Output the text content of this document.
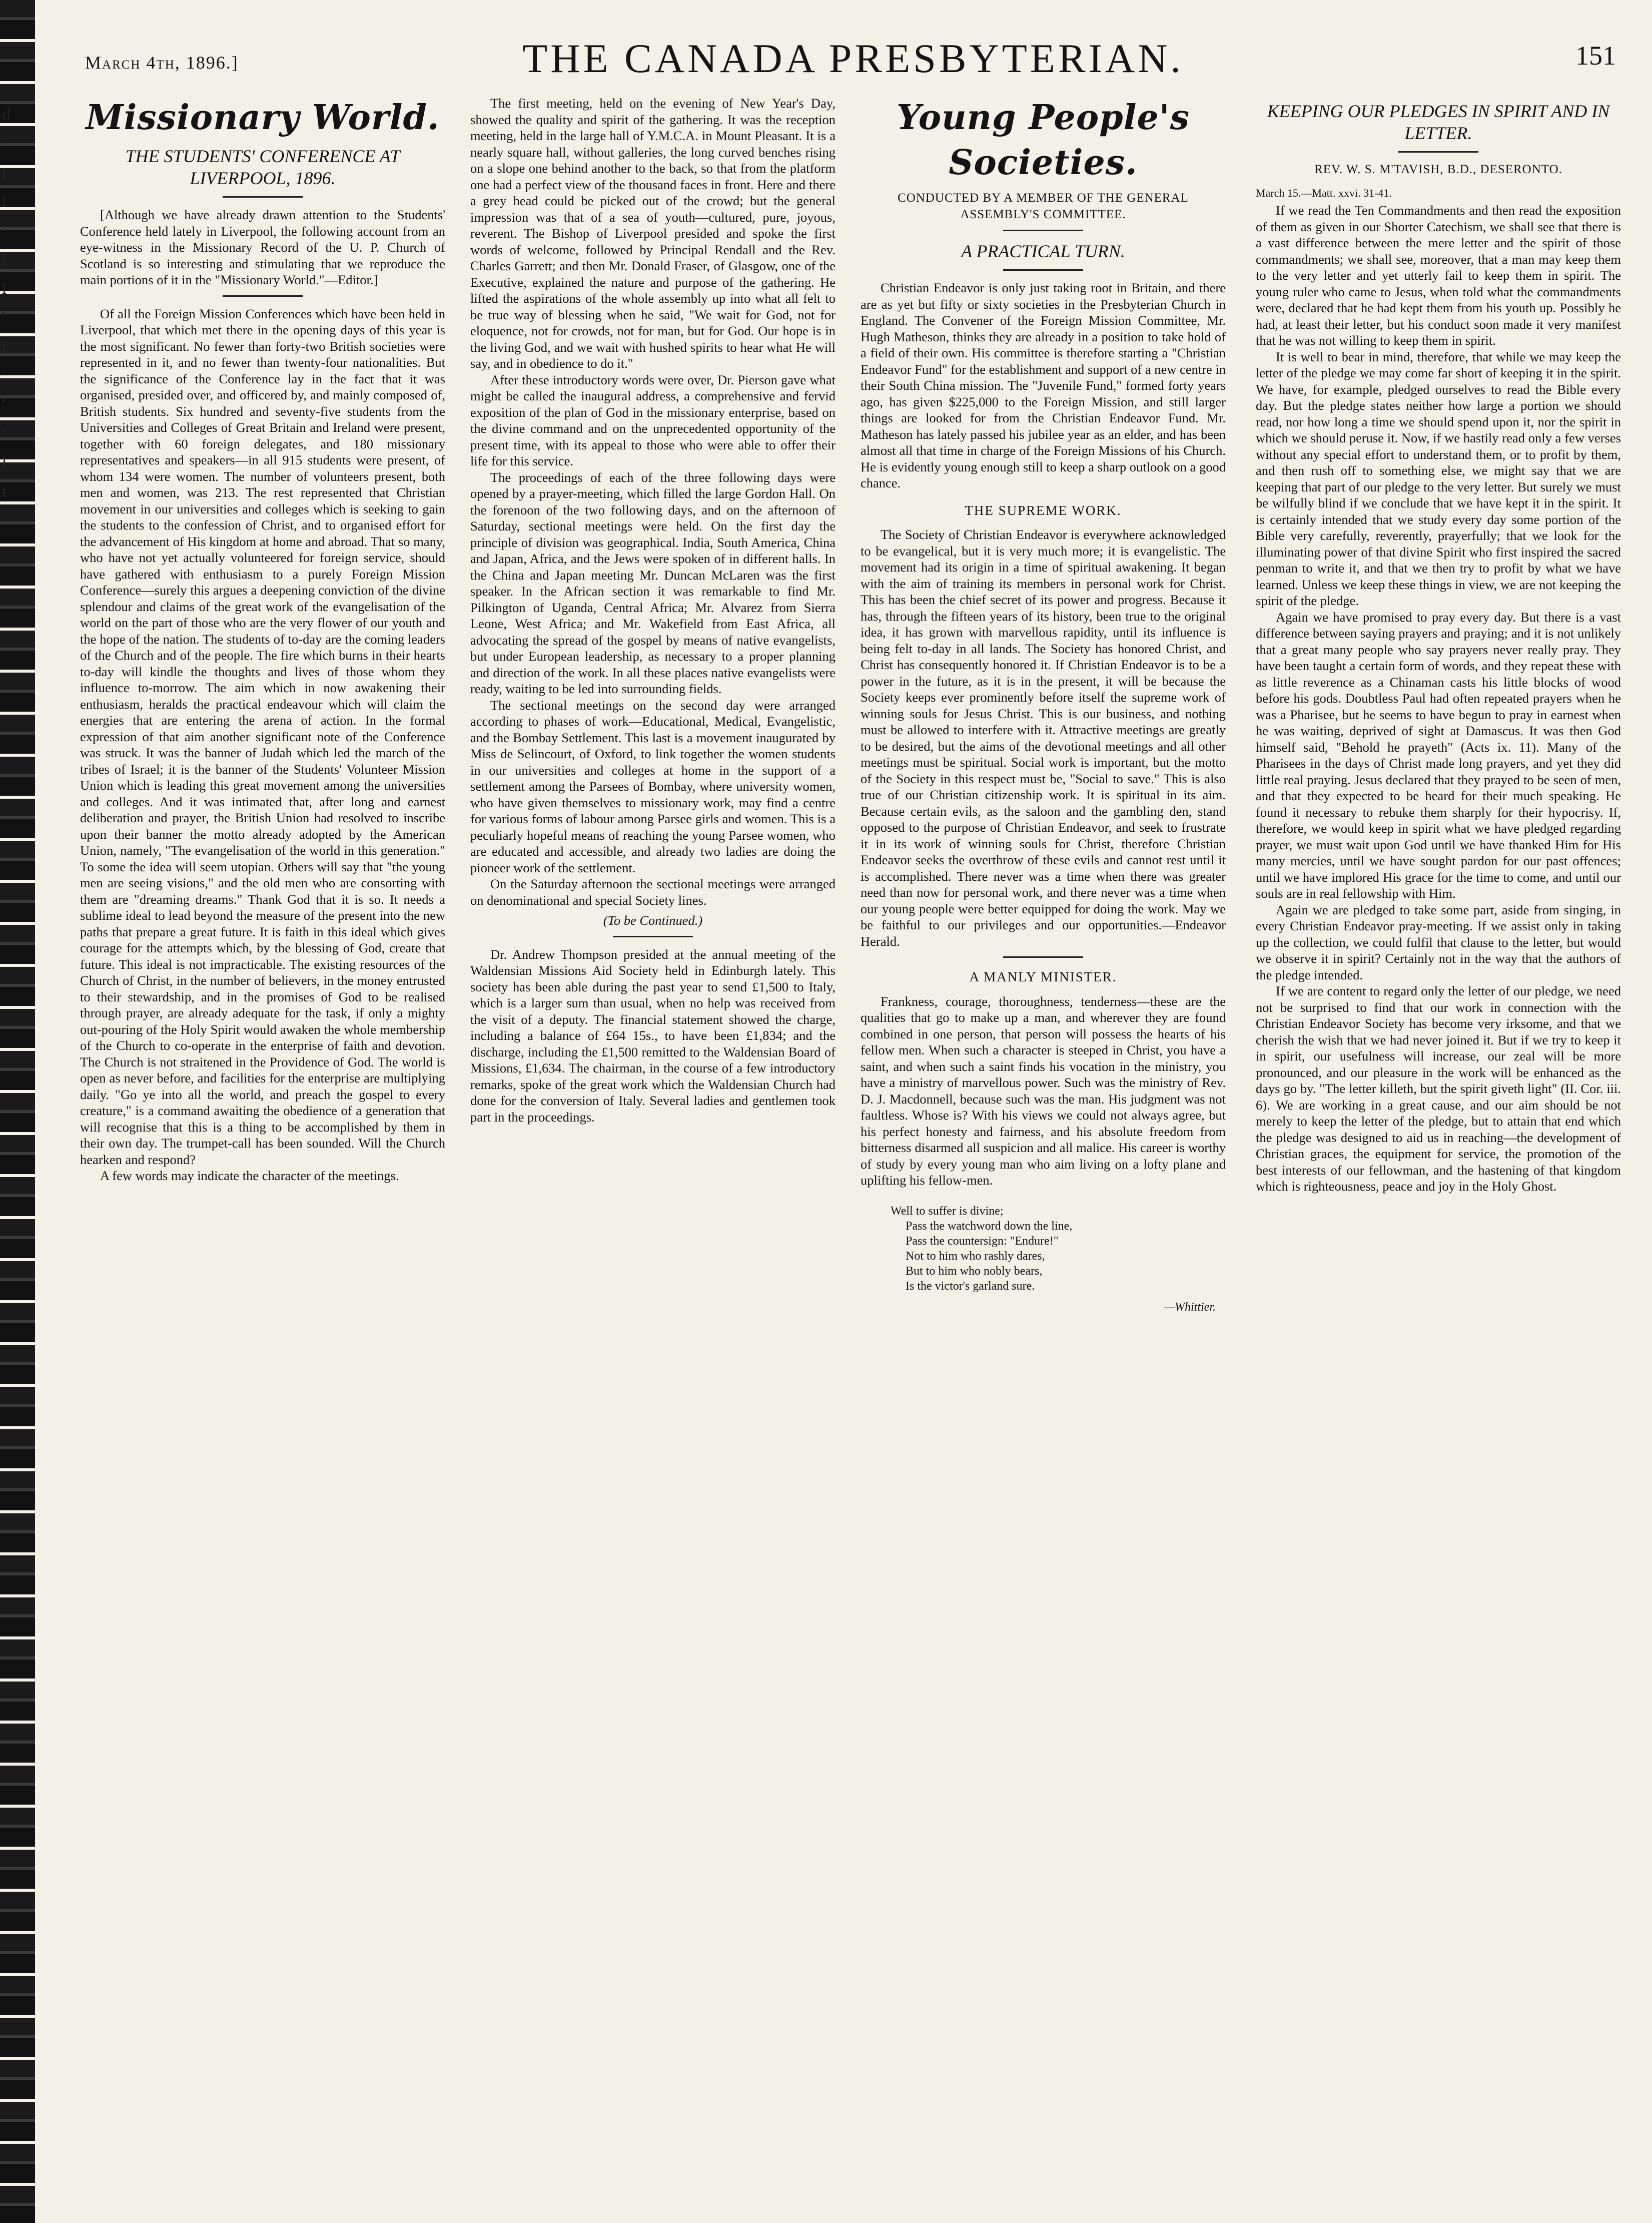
d
'
t
l
'
l
l
'
t
'
'
'
l
t
March 4th, 1896.]	THE CANADA PRESBYTERIAN.	151
Missionary World.
THE STUDENTS' CONFERENCE AT LIVERPOOL, 1896.

[Although we have already drawn attention to the Students' Conference held lately in Liverpool, the following account from an eye-witness in the Missionary Record of the U. P. Church of Scotland is so interesting and stimulating that we reproduce the main portions of it in the "Missionary World."—Editor.]

Of all the Foreign Mission Conferences which have been held in Liverpool, that which met there in the opening days of this year is the most significant. No fewer than forty-two British societies were represented in it, and no fewer than twenty-four nationalities. But the significance of the Conference lay in the fact that it was organised, presided over, and officered by, and mainly composed of, British students. Six hundred and seventy-five students from the Universities and Colleges of Great Britain and Ireland were present, together with 60 foreign delegates, and 180 missionary representatives and speakers—in all 915 students were present, of whom 134 were women. The number of volunteers present, both men and women, was 213. The rest represented that Christian movement in our universities and colleges which is seeking to gain the students to the confession of Christ, and to organised effort for the advancement of His kingdom at home and abroad. That so many, who have not yet actually volunteered for foreign service, should have gathered with enthusiasm to a purely Foreign Mission Conference—surely this argues a deepening conviction of the divine splendour and claims of the great work of the evangelisation of the world on the part of those who are the very flower of our youth and the hope of the nation. The students of to-day are the coming leaders of the Church and of the people. The fire which burns in their hearts to-day will kindle the thoughts and lives of those whom they influence to-morrow. The aim which in now awakening their enthusiasm, heralds the practical endeavour which will claim the energies that are entering the arena of action. In the formal expression of that aim another significant note of the Conference was struck. It was the banner of Judah which led the march of the tribes of Israel; it is the banner of the Students' Volunteer Mission Union which is leading this great movement among the universities and colleges. And it was intimated that, after long and earnest deliberation and prayer, the British Union had resolved to inscribe upon their banner the motto already adopted by the American Union, namely, "The evangelisation of the world in this generation." To some the idea will seem utopian. Others will say that "the young men are seeing visions," and the old men who are consorting with them are "dreaming dreams." Thank God that it is so. It needs a sublime ideal to lead beyond the measure of the present into the new paths that prepare a great future. It is faith in this ideal which gives courage for the attempts which, by the blessing of God, create that future. This ideal is not impracticable. The existing resources of the Church of Christ, in the number of believers, in the money entrusted to their stewardship, and in the promises of God to be realised through prayer, are already adequate for the task, if only a mighty out-pouring of the Holy Spirit would awaken the whole membership of the Church to co-operate in the enterprise of faith and devotion. The Church is not straitened in the Providence of God. The world is open as never before, and facilities for the enterprise are multiplying daily. "Go ye into all the world, and preach the gospel to every creature," is a command awaiting the obedience of a generation that will recognise that this is a thing to be accomplished by them in their own day. The trumpet-call has been sounded. Will the Church hearken and respond?

A few words may indicate the character of the meetings.

The first meeting, held on the evening of New Year's Day, showed the quality and spirit of the gathering. It was the reception meeting, held in the large hall of Y.M.C.A. in Mount Pleasant. It is a nearly square hall, without galleries, the long curved benches rising on a slope one behind another to the back, so that from the platform one had a perfect view of the thousand faces in front. Here and there a grey head could be picked out of the crowd; but the general impression was that of a sea of youth—cultured, pure, joyous, reverent. The Bishop of Liverpool presided and spoke the first words of welcome, followed by Principal Rendall and the Rev. Charles Garrett; and then Mr. Donald Fraser, of Glasgow, one of the Executive, explained the nature and purpose of the gathering. He lifted the aspirations of the whole assembly up into what all felt to be true way of blessing when he said, "We wait for God, not for eloquence, not for crowds, not for man, but for God. Our hope is in the living God, and we wait with hushed spirits to hear what He will say, and in obedience to do it."

After these introductory words were over, Dr. Pierson gave what might be called the inaugural address, a comprehensive and fervid exposition of the plan of God in the missionary enterprise, based on the divine command and on the unprecedented opportunity of the present time, with its appeal to those who were able to offer their life for this service.

The proceedings of each of the three following days were opened by a prayer-meeting, which filled the large Gordon Hall. On the forenoon of the two following days, and on the afternoon of Saturday, sectional meetings were held. On the first day the principle of division was geographical. India, South America, China and Japan, Africa, and the Jews were spoken of in different halls. In the China and Japan meeting Mr. Duncan McLaren was the first speaker. In the African section it was remarkable to find Mr. Pilkington of Uganda, Central Africa; Mr. Alvarez from Sierra Leone, West Africa; and Mr. Wakefield from East Africa, all advocating the spread of the gospel by means of native evangelists, but under European leadership, as necessary to a proper planning and direction of the work. In all these places native evangelists were ready, waiting to be led into surrounding fields.

The sectional meetings on the second day were arranged according to phases of work—Educational, Medical, Evangelistic, and the Bombay Settlement. This last is a movement inaugurated by Miss de Selincourt, of Oxford, to link together the women students in our universities and colleges at home in the support of a settlement among the Parsees of Bombay, where university women, who have given themselves to missionary work, may find a centre for various forms of labour among Parsee girls and women. This is a peculiarly hopeful means of reaching the young Parsee women, who are educated and accessible, and already two ladies are doing the pioneer work of the settlement.

On the Saturday afternoon the sectional meetings were arranged on denominational and special Society lines.

(To be Continued.)

Dr. Andrew Thompson presided at the annual meeting of the Waldensian Missions Aid Society held in Edinburgh lately. This society has been able during the past year to send £1,500 to Italy, which is a larger sum than usual, when no help was received from the visit of a deputy. The financial statement showed the charge, including a balance of £64 15s., to have been £1,834; and the discharge, including the £1,500 remitted to the Waldensian Board of Missions, £1,634. The chairman, in the course of a few introductory remarks, spoke of the great work which the Waldensian Church had done for the conversion of Italy. Several ladies and gentlemen took part in the proceedings.

Young People's Societies.
CONDUCTED BY A MEMBER OF THE GENERAL ASSEMBLY'S COMMITTEE.
A PRACTICAL TURN.

Christian Endeavor is only just taking root in Britain, and there are as yet but fifty or sixty societies in the Presbyterian Church in England. The Convener of the Foreign Mission Committee, Mr. Hugh Matheson, thinks they are already in a position to take hold of a field of their own. His committee is therefore starting a "Christian Endeavor Fund" for the establishment and support of a new centre in their South China mission. The "Juvenile Fund," formed forty years ago, has given $225,000 to the Foreign Mission, and still larger things are looked for from the Christian Endeavor Fund. Mr. Matheson has lately passed his jubilee year as an elder, and has been almost all that time in charge of the Foreign Missions of his Church. He is evidently young enough still to keep a sharp outlook on a good chance.

THE SUPREME WORK.

The Society of Christian Endeavor is everywhere acknowledged to be evangelical, but it is very much more; it is evangelistic. The movement had its origin in a time of spiritual awakening. It began with the aim of training its members in personal work for Christ. This has been the chief secret of its power and progress. Because it has, through the fifteen years of its history, been true to the original idea, it has grown with marvellous rapidity, until its influence is being felt to-day in all lands. The Society has honored Christ, and Christ has consequently honored it. If Christian Endeavor is to be a power in the future, as it is in the present, it will be because the Society keeps ever prominently before itself the supreme work of winning souls for Jesus Christ. This is our business, and nothing must be allowed to interfere with it. Attractive meetings are greatly to be desired, but the aims of the devotional meetings and all other meetings must be spiritual. Social work is important, but the motto of the Society in this respect must be, "Social to save." This is also true of our Christian citizenship work. It is spiritual in its aim. Because certain evils, as the saloon and the gambling den, stand opposed to the purpose of Christian Endeavor, and seek to frustrate it in its work of winning souls for Christ, therefore Christian Endeavor seeks the overthrow of these evils and cannot rest until it is accomplished. There never was a time when there was greater need than now for personal work, and there never was a time when our young people were better equipped for doing the work. May we be faithful to our privileges and our opportunities.—Endeavor Herald.

A MANLY MINISTER.

Frankness, courage, thoroughness, tenderness—these are the qualities that go to make up a man, and wherever they are found combined in one person, that person will possess the hearts of his fellow men. When such a character is steeped in Christ, you have a saint, and when such a saint finds his vocation in the ministry, you have a ministry of marvellous power. Such was the ministry of Rev. D. J. Macdonnell, because such was the man. His judgment was not faultless. Whose is? With his views we could not always agree, but his perfect honesty and fairness, and his absolute freedom from bitterness disarmed all suspicion and all malice. His career is worthy of study by every young man who aim living on a lofty plane and uplifting his fellow-men.

Well to suffer is divine;
Pass the watchword down the line,
Pass the countersign: "Endure!"
Not to him who rashly dares,
But to him who nobly bears,
Is the victor's garland sure.
—Whittier.
KEEPING OUR PLEDGES IN SPIRIT AND IN LETTER.
REV. W. S. M'TAVISH, B.D., DESERONTO.
March 15.—Matt. xxvi. 31-41.

If we read the Ten Commandments and then read the exposition of them as given in our Shorter Catechism, we shall see that there is a vast difference between the mere letter and the spirit of those commandments; we shall see, moreover, that a man may keep them to the very letter and yet utterly fail to keep them in spirit. The young ruler who came to Jesus, when told what the commandments were, declared that he had kept them from his youth up. Possibly he had, at least their letter, but his conduct soon made it very manifest that he was not willing to keep them in spirit.

It is well to bear in mind, therefore, that while we may keep the letter of the pledge we may come far short of keeping it in the spirit. We have, for example, pledged ourselves to read the Bible every day. But the pledge states neither how large a portion we should read, nor how long a time we should spend upon it, nor the spirit in which we should peruse it. Now, if we hastily read only a few verses without any special effort to understand them, or to profit by them, and then rush off to something else, we might say that we are keeping that part of our pledge to the very letter. But surely we must be wilfully blind if we conclude that we have kept it in the spirit. It is certainly intended that we study every day some portion of the Bible very carefully, reverently, prayerfully; that we look for the illuminating power of that divine Spirit who first inspired the sacred penman to write it, and that we then try to profit by what we have learned. Unless we keep these things in view, we are not keeping the spirit of the pledge.

Again we have promised to pray every day. But there is a vast difference between saying prayers and praying; and it is not unlikely that a great many people who say prayers never really pray. They have been taught a certain form of words, and they repeat these with as little reverence as a Chinaman casts his little blocks of wood before his gods. Doubtless Paul had often repeated prayers when he was a Pharisee, but he seems to have begun to pray in earnest when he was waiting, deprived of sight at Damascus. It was then God himself said, "Behold he prayeth" (Acts ix. 11). Many of the Pharisees in the days of Christ made long prayers, and yet they did little real praying. Jesus declared that they prayed to be seen of men, and that they expected to be heard for their much speaking. He found it necessary to rebuke them sharply for their hypocrisy. If, therefore, we would keep in spirit what we have pledged regarding prayer, we must wait upon God until we have thanked Him for His many mercies, until we have sought pardon for our past offences; until we have implored His grace for the time to come, and until our souls are in real fellowship with Him.

Again we are pledged to take some part, aside from singing, in every Christian Endeavor pray-meeting. If we assist only in taking up the collection, we could fulfil that clause to the letter, but would we observe it in spirit? Certainly not in the way that the authors of the pledge intended.

If we are content to regard only the letter of our pledge, we need not be surprised to find that our work in connection with the Christian Endeavor Society has become very irksome, and that we cherish the wish that we had never joined it. But if we try to keep it in spirit, our usefulness will increase, our zeal will be more pronounced, and our pleasure in the work will be enhanced as the days go by. "The letter killeth, but the spirit giveth light" (II. Cor. iii. 6). We are working in a great cause, and our aim should be not merely to keep the letter of the pledge, but to attain that end which the pledge was designed to aid us in reaching—the development of Christian graces, the equipment for service, the promotion of the best interests of our fellowman, and the hastening of that kingdom which is righteousness, peace and joy in the Holy Ghost.
